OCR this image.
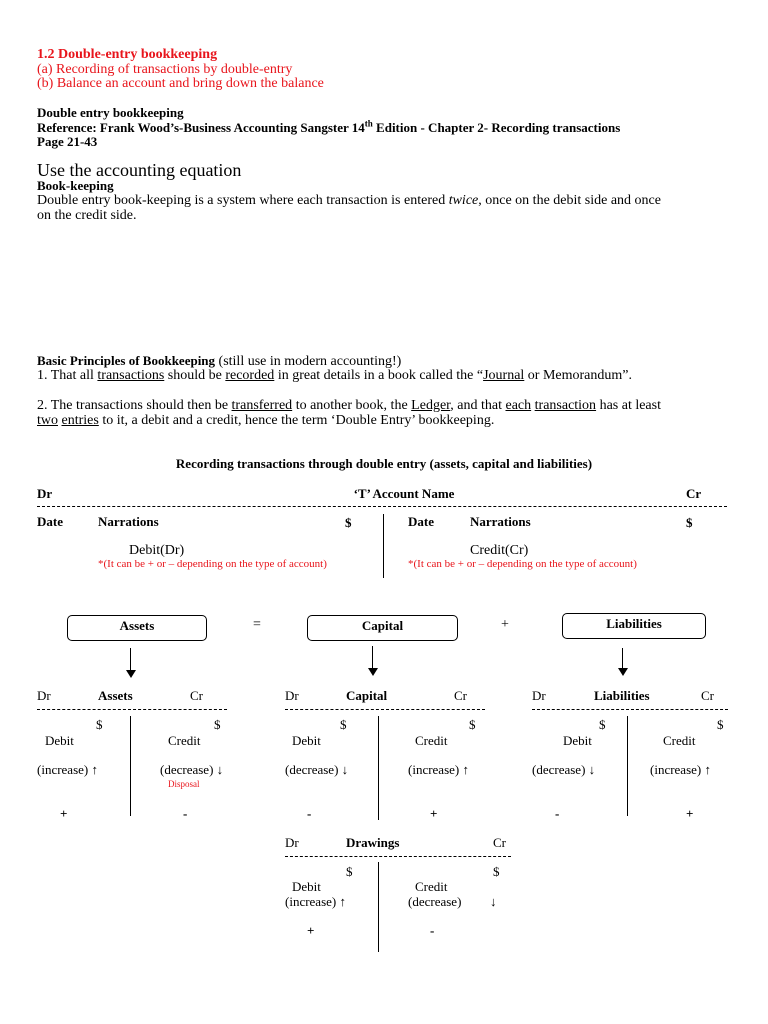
1.2 Double-entry bookkeeping
(a) Recording of transactions by double-entry
(b) Balance an account and bring down the balance
Double entry bookkeeping
Reference: Frank Wood’s-Business Accounting Sangster 14th Edition - Chapter 2- Recording transactions
Page 21-43
Use the accounting equation
Book-keeping
Double entry book-keeping is a system where each transaction is entered twice, once on the debit side and once
on the credit side.
Basic Principles of Bookkeeping (still use in modern accounting!)
1. That all transactions should be recorded in great details in a book called the “Journal or Memorandum”.
2. The transactions should then be transferred to another book, the Ledger, and that each transaction has at least
two entries to it, a debit and a credit, hence the term ‘Double Entry’ bookkeeping.
Recording transactions through double entry (assets, capital and liabilities)
Dr	‘T’ Account Name	Cr
Date	Narrations	$	Date	Narrations	$
Debit(Dr)	Credit(Cr)
*(It can be + or – depending on the type of account)	*(It can be + or – depending on the type of account)
Assets	=	Capital	+	Liabilities
Dr	Assets	Cr
$	$
Debit	Credit
(increase) ↑	(decrease) ↓
Disposal
+	-
Dr	Capital	Cr
$	$
Debit	Credit
(decrease) ↓	(increase) ↑
-	+
Dr	Liabilities	Cr
$	$
Debit	Credit
(decrease) ↓	(increase) ↑
-	+
Dr	Drawings	Cr
$	$
Debit	Credit
(increase) ↑	(decrease) ↓
+	-
